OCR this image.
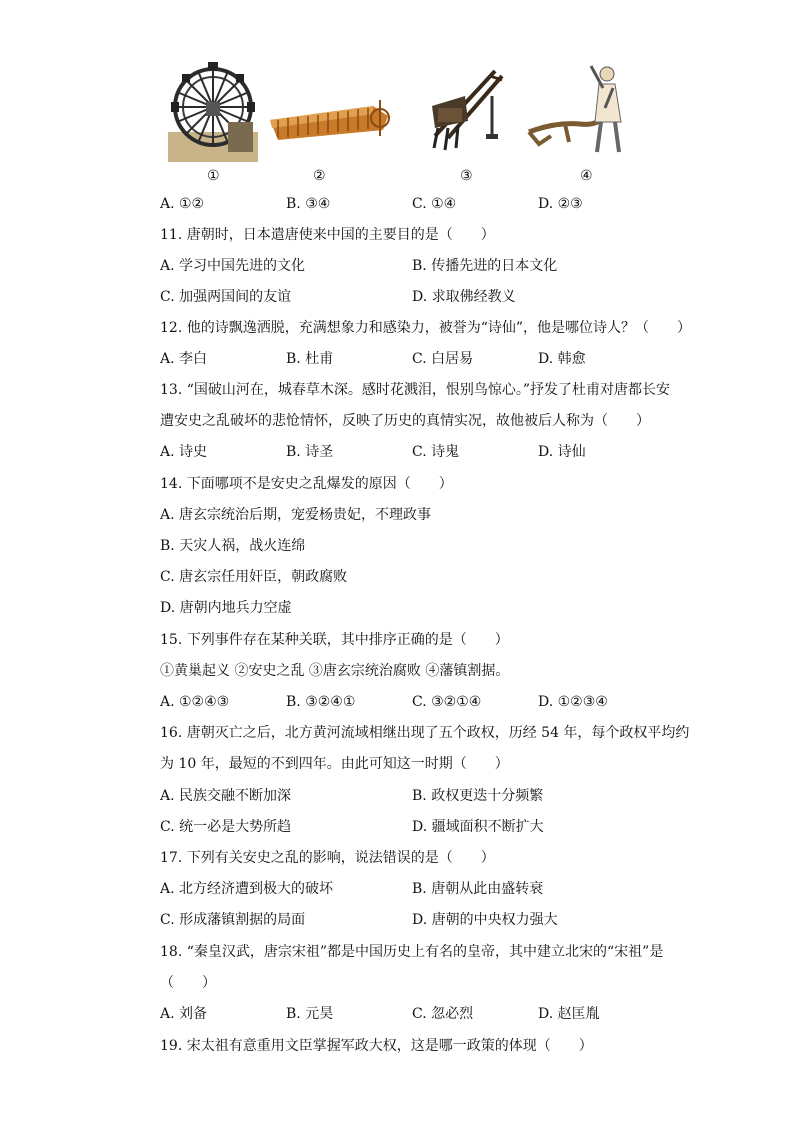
①	②	③	④
A. ①②	B. ③④	C. ①④	D. ②③
11. 唐朝时，日本遣唐使来中国的主要目的是（　　）
A. 学习中国先进的文化	B. 传播先进的日本文化
C. 加强两国间的友谊	D. 求取佛经教义
12. 他的诗飘逸洒脱，充满想象力和感染力，被誉为“诗仙”，他是哪位诗人？（　　）
A. 李白	B. 杜甫	C. 白居易	D. 韩愈
13. “国破山河在，城春草木深。感时花溅泪，恨别鸟惊心。”抒发了杜甫对唐都长安
遭安史之乱破坏的悲怆情怀，反映了历史的真情实况，故他被后人称为（　　）
A. 诗史	B. 诗圣	C. 诗鬼	D. 诗仙
14. 下面哪项不是安史之乱爆发的原因（　　）
A. 唐玄宗统治后期，宠爱杨贵妃，不理政事
B. 天灾人祸，战火连绵
C. 唐玄宗任用奸臣，朝政腐败
D. 唐朝内地兵力空虚
15. 下列事件存在某种关联，其中排序正确的是（　　）
①黄巢起义 ②安史之乱 ③唐玄宗统治腐败 ④藩镇割据。
A. ①②④③	B. ③②④①	C. ③②①④	D. ①②③④
16. 唐朝灭亡之后，北方黄河流域相继出现了五个政权，历经 54 年，每个政权平均约
为 10 年，最短的不到四年。由此可知这一时期（　　）
A. 民族交融不断加深	B. 政权更迭十分频繁
C. 统一必是大势所趋	D. 疆域面积不断扩大
17. 下列有关安史之乱的影响，说法错误的是（　　）
A. 北方经济遭到极大的破坏	B. 唐朝从此由盛转衰
C. 形成藩镇割据的局面	D. 唐朝的中央权力强大
18. “秦皇汉武，唐宗宋祖”都是中国历史上有名的皇帝，其中建立北宋的“宋祖”是
（　　）
A. 刘备	B. 元昊	C. 忽必烈	D. 赵匡胤
19. 宋太祖有意重用文臣掌握军政大权，这是哪一政策的体现（　　）
